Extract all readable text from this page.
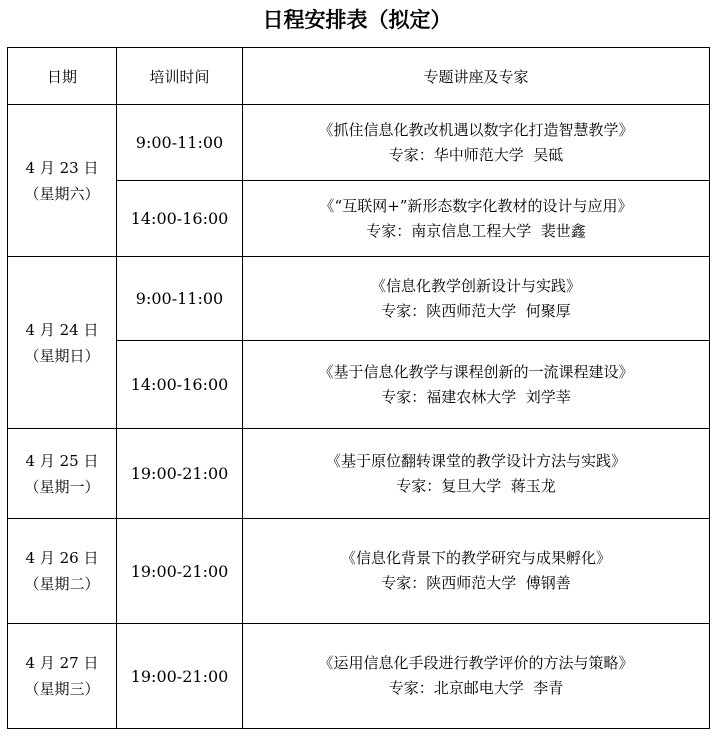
日程安排表（拟定）
日期	培训时间	专题讲座及专家

4 月 23 日
（星期六）	9:00-11:00	《抓住信息化教改机遇以数字化打造智慧教学》
专家：华中师范大学 吴砥

	14:00-16:00	《“互联网+”新形态数字化教材的设计与应用》
专家：南京信息工程大学 裴世鑫

4 月 24 日
（星期日）	9:00-11:00	《信息化教学创新设计与实践》
专家：陕西师范大学 何聚厚

	14:00-16:00	《基于信息化教学与课程创新的一流课程建设》
专家：福建农林大学 刘学莘

4 月 25 日
（星期一）	19:00-21:00	《基于原位翻转课堂的教学设计方法与实践》
专家：复旦大学 蒋玉龙

4 月 26 日
（星期二）	19:00-21:00	《信息化背景下的教学研究与成果孵化》
专家：陕西师范大学 傅钢善

4 月 27 日
（星期三）	19:00-21:00	《运用信息化手段进行教学评价的方法与策略》
专家：北京邮电大学 李青
